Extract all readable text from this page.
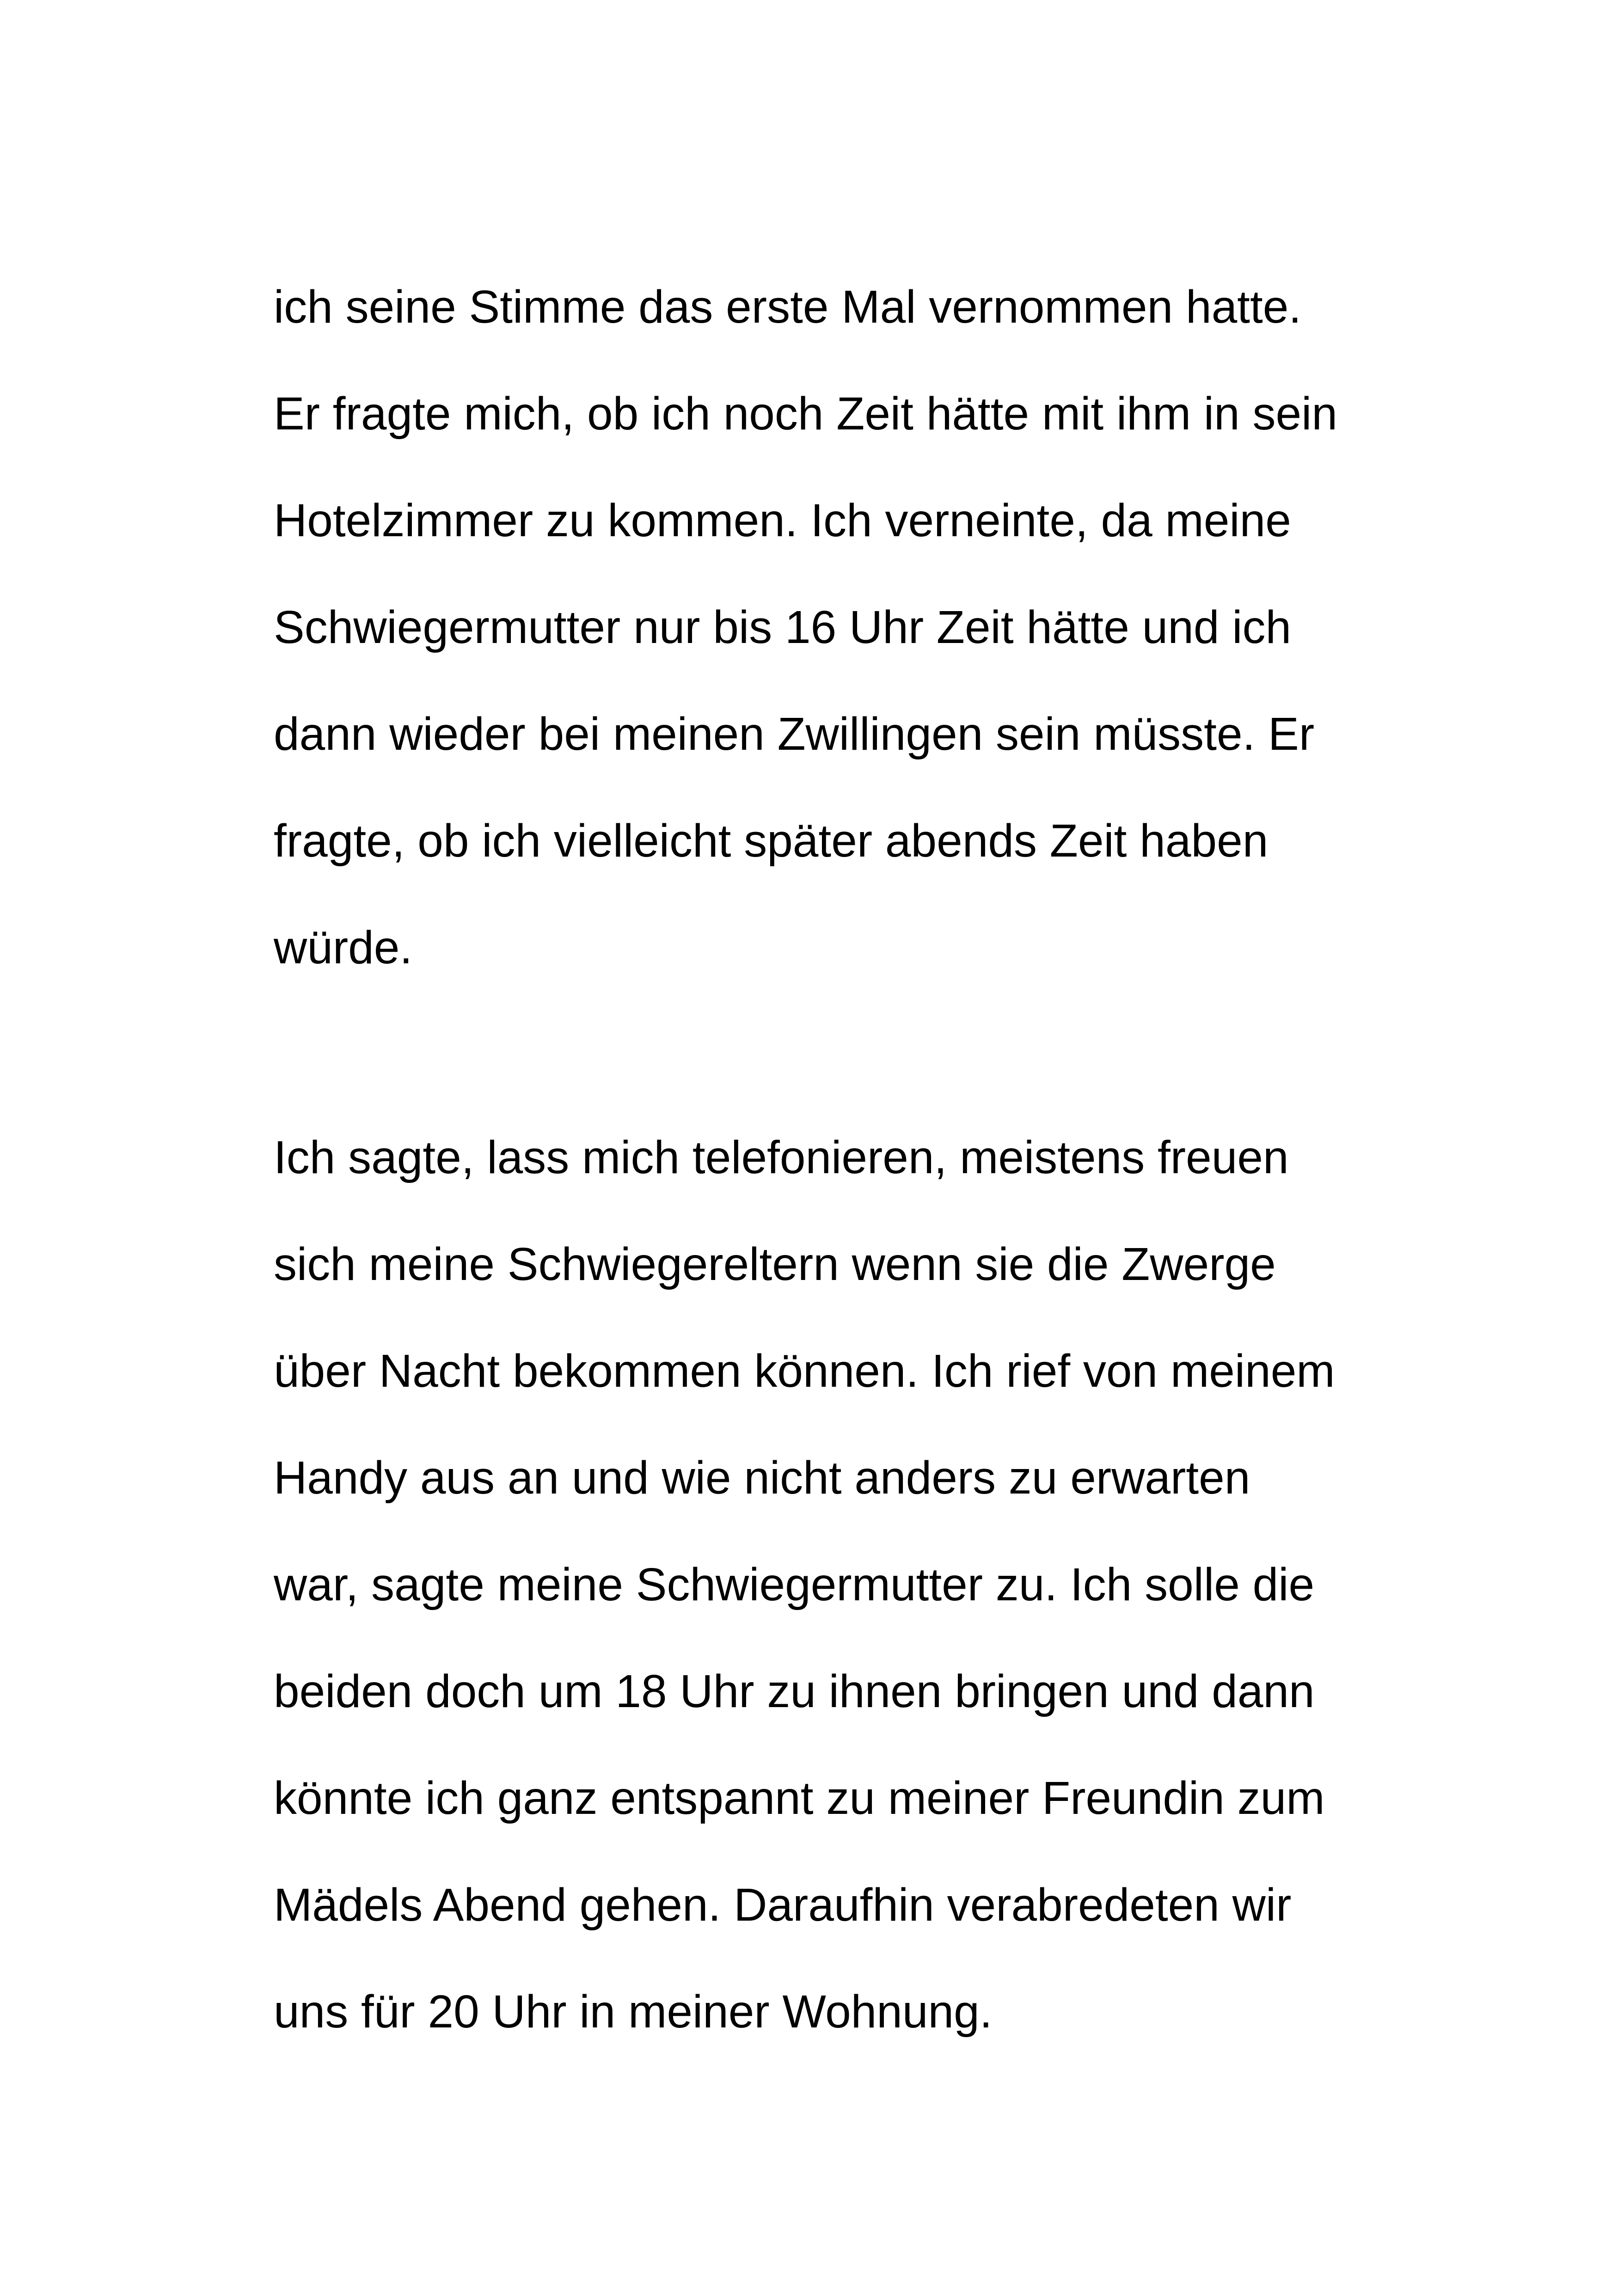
ich seine Stimme das erste Mal vernommen hatte.
Er fragte mich, ob ich noch Zeit hätte mit ihm in sein
Hotelzimmer zu kommen. Ich verneinte, da meine
Schwiegermutter nur bis 16 Uhr Zeit hätte und ich
dann wieder bei meinen Zwillingen sein müsste. Er
fragte, ob ich vielleicht später abends Zeit haben
würde.
Ich sagte, lass mich telefonieren, meistens freuen
sich meine Schwiegereltern wenn sie die Zwerge
über Nacht bekommen können. Ich rief von meinem
Handy aus an und wie nicht anders zu erwarten
war, sagte meine Schwiegermutter zu. Ich solle die
beiden doch um 18 Uhr zu ihnen bringen und dann
könnte ich ganz entspannt zu meiner Freundin zum
Mädels Abend gehen. Daraufhin verabredeten wir
uns für 20 Uhr in meiner Wohnung.
